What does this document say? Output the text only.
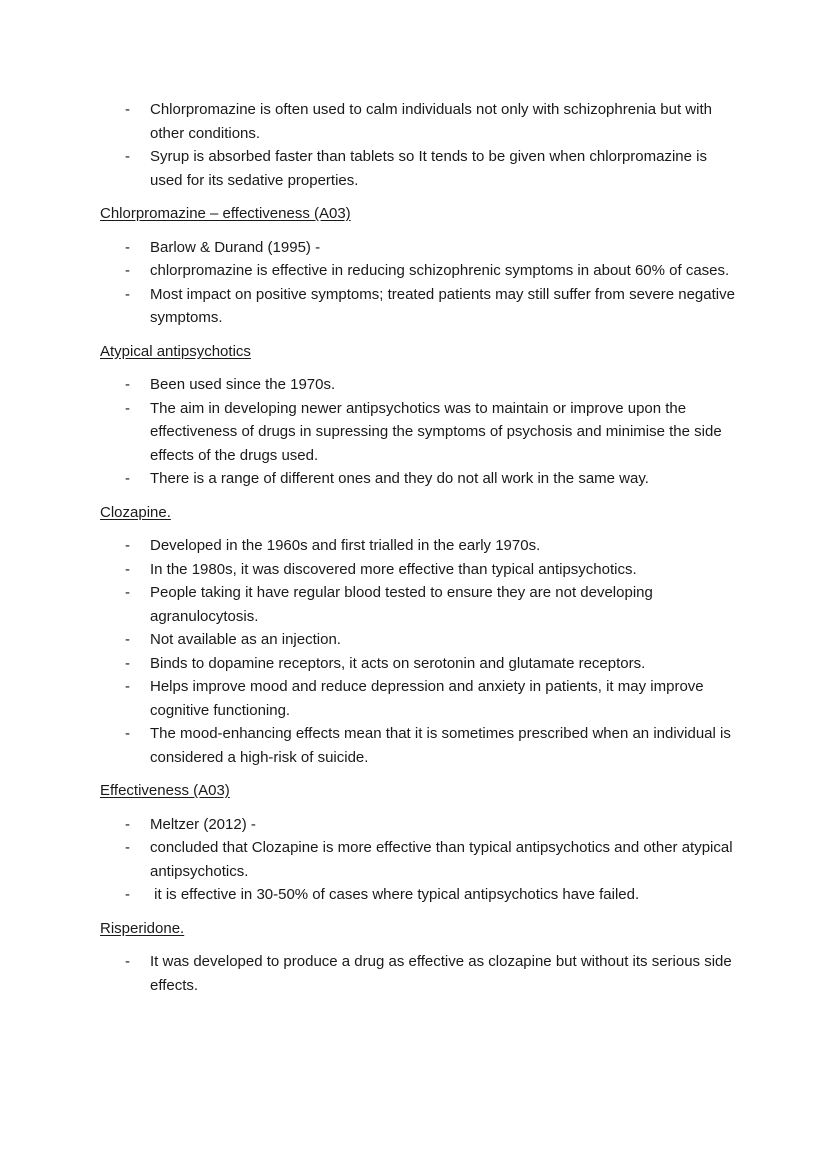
- Chlorpromazine is often used to calm individuals not only with schizophrenia but with other conditions.
- Syrup is absorbed faster than tablets so It tends to be given when chlorpromazine is used for its sedative properties.
Chlorpromazine – effectiveness (A03)
- Barlow & Durand (1995) -
- chlorpromazine is effective in reducing schizophrenic symptoms in about 60% of cases.
- Most impact on positive symptoms; treated patients may still suffer from severe negative symptoms.
Atypical antipsychotics
- Been used since the 1970s.
- The aim in developing newer antipsychotics was to maintain or improve upon the effectiveness of drugs in supressing the symptoms of psychosis and minimise the side effects of the drugs used.
- There is a range of different ones and they do not all work in the same way.
Clozapine.
- Developed in the 1960s and first trialled in the early 1970s.
- In the 1980s, it was discovered more effective than typical antipsychotics.
- People taking it have regular blood tested to ensure they are not developing agranulocytosis.
- Not available as an injection.
- Binds to dopamine receptors, it acts on serotonin and glutamate receptors.
- Helps improve mood and reduce depression and anxiety in patients, it may improve cognitive functioning.
- The mood-enhancing effects mean that it is sometimes prescribed when an individual is considered a high-risk of suicide.
Effectiveness (A03)
- Meltzer (2012) -
- concluded that Clozapine is more effective than typical antipsychotics and other atypical antipsychotics.
- it is effective in 30-50% of cases where typical antipsychotics have failed.
Risperidone.
- It was developed to produce a drug as effective as clozapine but without its serious side effects.
